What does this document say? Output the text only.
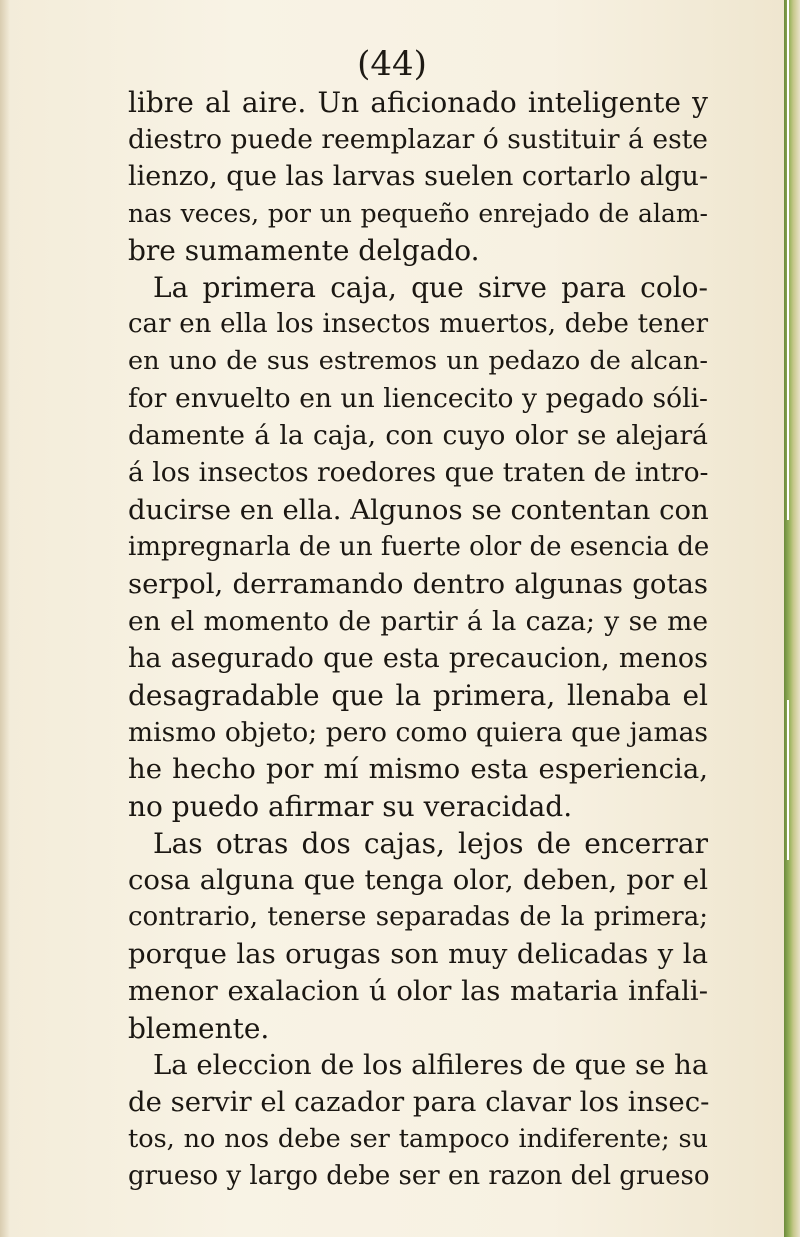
(44)
libre al aire. Un aficionado inteligente y
diestro puede reemplazar ó sustituir á este
lienzo, que las larvas suelen cortarlo algu-
nas veces, por un pequeño enrejado de alam-
bre sumamente delgado.
La primera caja, que sirve para colo-
car en ella los insectos muertos, debe tener
en uno de sus estremos un pedazo de alcan-
for envuelto en un liencecito y pegado sóli-
damente á la caja, con cuyo olor se alejará
á los insectos roedores que traten de intro-
ducirse en ella. Algunos se contentan con
impregnarla de un fuerte olor de esencia de
serpol, derramando dentro algunas gotas
en el momento de partir á la caza; y se me
ha asegurado que esta precaucion, menos
desagradable que la primera, llenaba el
mismo objeto; pero como quiera que jamas
he hecho por mí mismo esta esperiencia,
no puedo afirmar su veracidad.
Las otras dos cajas, lejos de encerrar
cosa alguna que tenga olor, deben, por el
contrario, tenerse separadas de la primera;
porque las orugas son muy delicadas y la
menor exalacion ú olor las mataria infali-
blemente.
La eleccion de los alfileres de que se ha
de servir el cazador para clavar los insec-
tos, no nos debe ser tampoco indiferente; su
grueso y largo debe ser en razon del grueso
